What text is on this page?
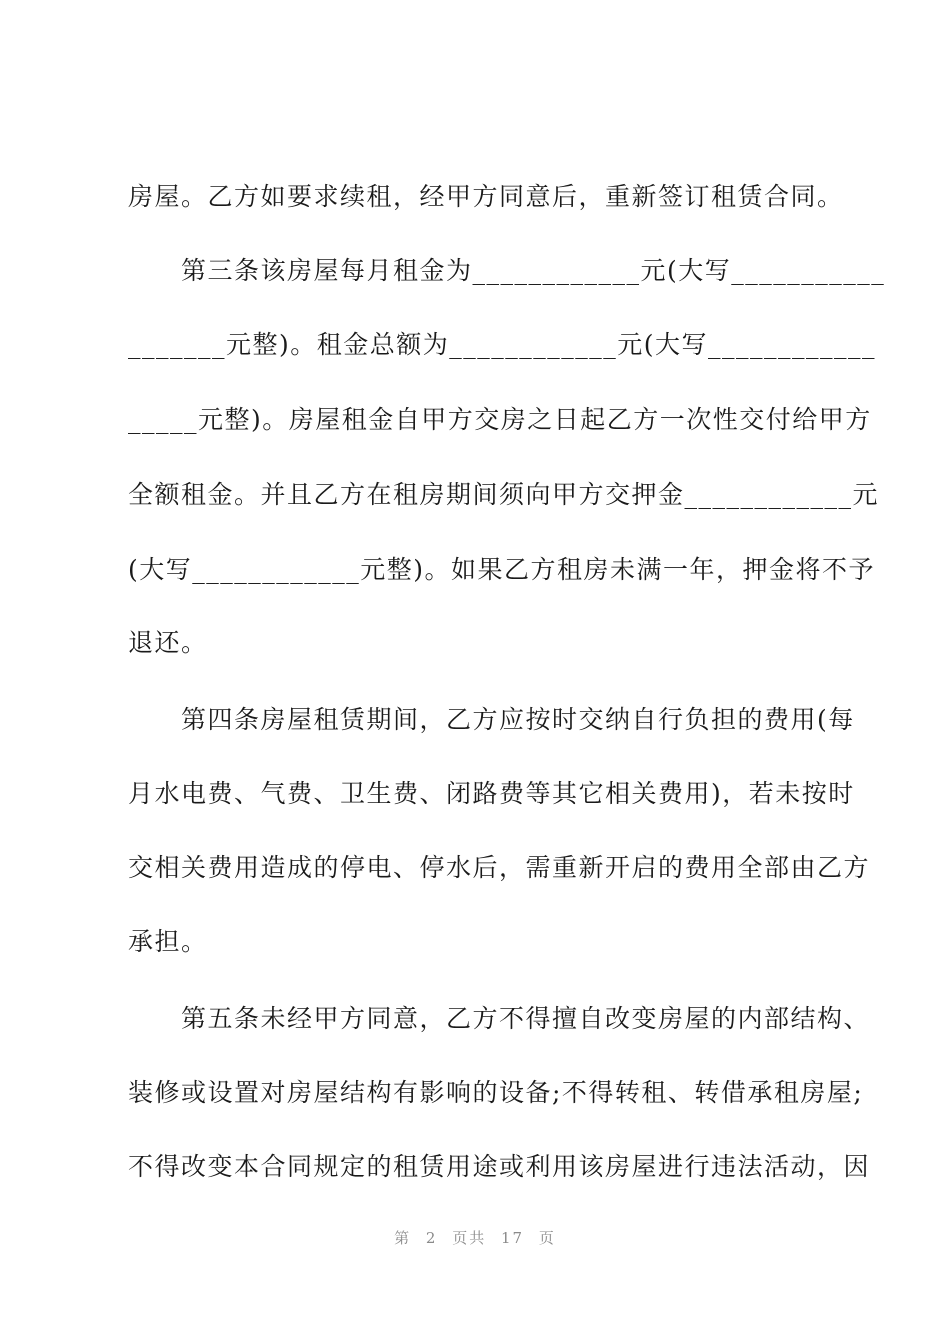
房屋。乙方如要求续租，经甲方同意后，重新签订租赁合同。
　　第三条该房屋每月租金为____________元(大写___________
_______元整)。租金总额为____________元(大写____________
_____元整)。房屋租金自甲方交房之日起乙方一次性交付给甲方
全额租金。并且乙方在租房期间须向甲方交押金____________元
(大写____________元整)。如果乙方租房未满一年，押金将不予
退还。
　　第四条房屋租赁期间，乙方应按时交纳自行负担的费用(每
月水电费、气费、卫生费、闭路费等其它相关费用)，若未按时
交相关费用造成的停电、停水后，需重新开启的费用全部由乙方
承担。
　　第五条未经甲方同意，乙方不得擅自改变房屋的内部结构、
装修或设置对房屋结构有影响的设备;不得转租、转借承租房屋;
不得改变本合同规定的租赁用途或利用该房屋进行违法活动，因
第 2 页共 17 页
